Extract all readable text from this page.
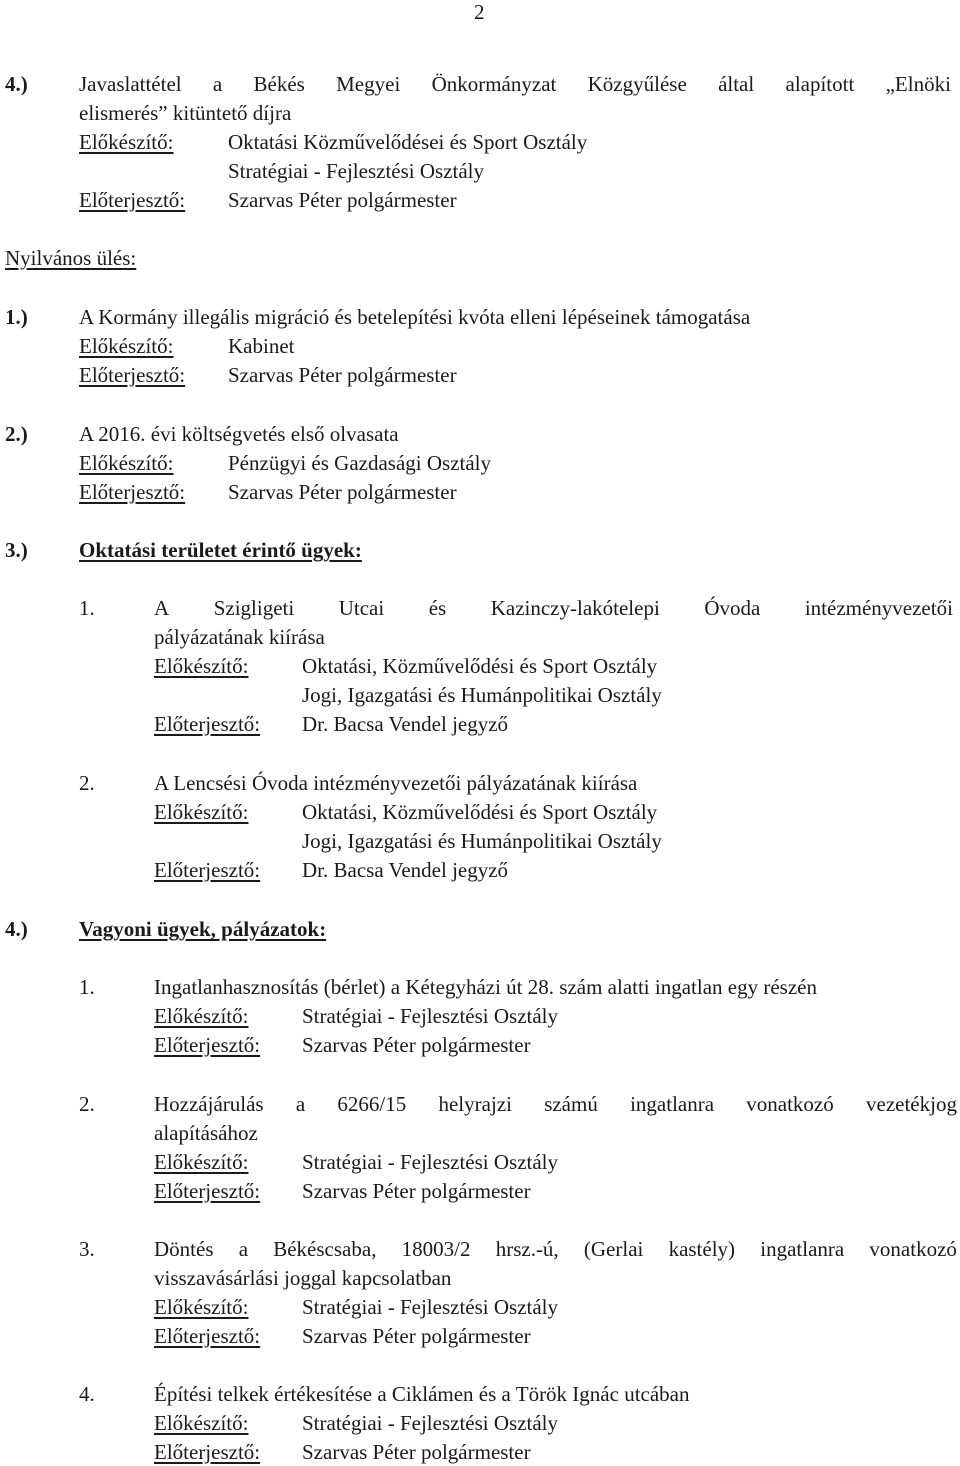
2
4.) Javaslattétel a Békés Megyei Önkormányzat Közgyűlése által alapított „Elnöki
elismerés” kitüntető díjra
Előkészítő:	Oktatási Közművelődései és Sport Osztály
Stratégiai - Fejlesztési Osztály
Előterjesztő: Szarvas Péter polgármester
Nyilvános ülés:
1.) A Kormány illegális migráció és betelepítési kvóta elleni lépéseinek támogatása
Előkészítő:	Kabinet
Előterjesztő: Szarvas Péter polgármester
2.) A 2016. évi költségvetés első olvasata
Előkészítő:	Pénzügyi és Gazdasági Osztály
Előterjesztő: Szarvas Péter polgármester
3.) Oktatási területet érintő ügyek:
1.	A Szigligeti Utcai és Kazinczy-lakótelepi Óvoda intézményvezetői
pályázatának kiírása
Előkészítő:	Oktatási, Közművelődési és Sport Osztály
Jogi, Igazgatási és Humánpolitikai Osztály
Előterjesztő: Dr. Bacsa Vendel jegyző
2.	A Lencsési Óvoda intézményvezetői pályázatának kiírása
Előkészítő:	Oktatási, Közművelődési és Sport Osztály
Jogi, Igazgatási és Humánpolitikai Osztály
Előterjesztő: Dr. Bacsa Vendel jegyző
4.) Vagyoni ügyek, pályázatok:
1.	Ingatlanhasznosítás (bérlet) a Kétegyházi út 28. szám alatti ingatlan egy részén
Előkészítő:	Stratégiai - Fejlesztési Osztály
Előterjesztő: Szarvas Péter polgármester
2.	Hozzájárulás a 6266/15 helyrajzi számú ingatlanra vonatkozó vezetékjog
alapításához
Előkészítő:	Stratégiai - Fejlesztési Osztály
Előterjesztő: Szarvas Péter polgármester
3.	Döntés a Békéscsaba, 18003/2 hrsz.-ú, (Gerlai kastély) ingatlanra vonatkozó
visszavásárlási joggal kapcsolatban
Előkészítő:	Stratégiai - Fejlesztési Osztály
Előterjesztő: Szarvas Péter polgármester
4.	Építési telkek értékesítése a Ciklámen és a Török Ignác utcában
Előkészítő:	Stratégiai - Fejlesztési Osztály
Előterjesztő: Szarvas Péter polgármester
